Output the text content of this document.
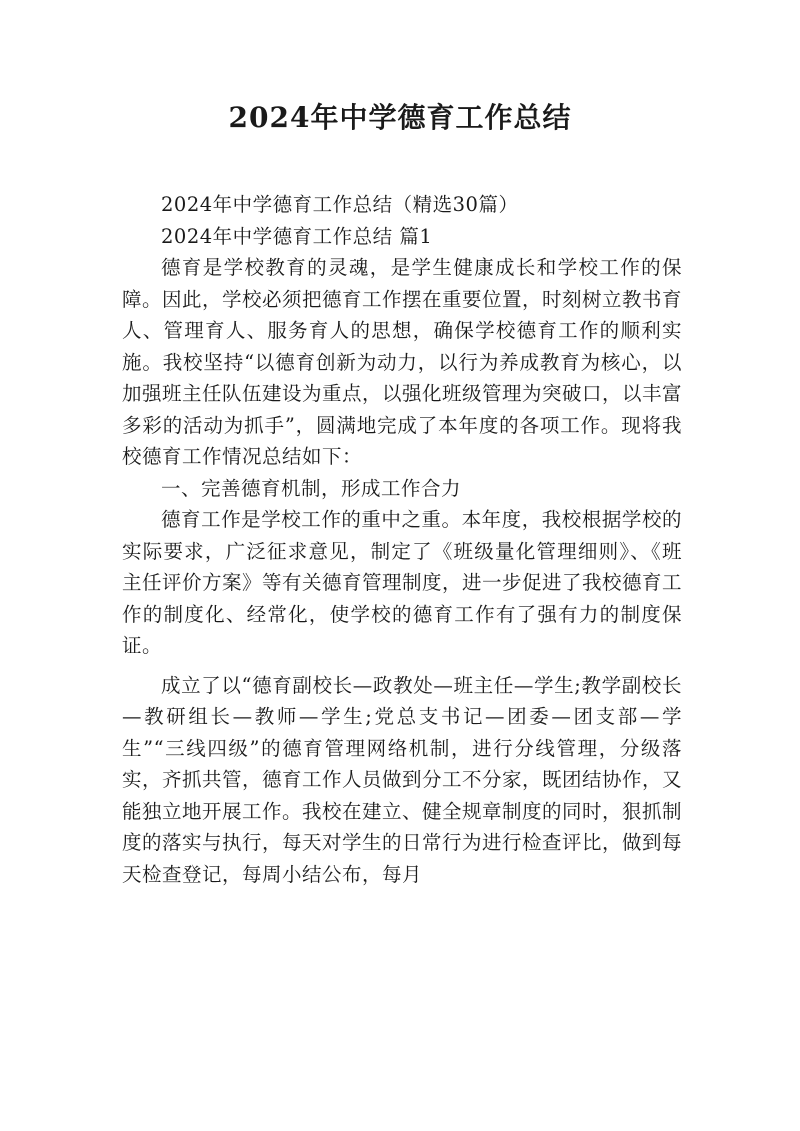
2024年中学德育工作总结

2024年中学德育工作总结（精选30篇）

2024年中学德育工作总结 篇1

德育是学校教育的灵魂，是学生健康成长和学校工作的保障。因此，学校必须把德育工作摆在重要位置，时刻树立教书育人、管理育人、服务育人的思想，确保学校德育工作的顺利实施。我校坚持“以德育创新为动力，以行为养成教育为核心，以加强班主任队伍建设为重点，以强化班级管理为突破口，以丰富多彩的活动为抓手”，圆满地完成了本年度的各项工作。现将我校德育工作情况总结如下：

一、完善德育机制，形成工作合力

德育工作是学校工作的重中之重。本年度，我校根据学校的实际要求，广泛征求意见，制定了《班级量化管理细则》、《班主任评价方案》等有关德育管理制度，进一步促进了我校德育工作的制度化、经常化，使学校的德育工作有了强有力的制度保证。

成立了以“德育副校长—政教处—班主任—学生;教学副校长—教研组长—教师—学生;党总支书记—团委—团支部—学生”“三线四级”的德育管理网络机制，进行分线管理，分级落实，齐抓共管，德育工作人员做到分工不分家，既团结协作，又能独立地开展工作。我校在建立、健全规章制度的同时，狠抓制度的落实与执行，每天对学生的日常行为进行检查评比，做到每天检查登记，每周小结公布，每月
